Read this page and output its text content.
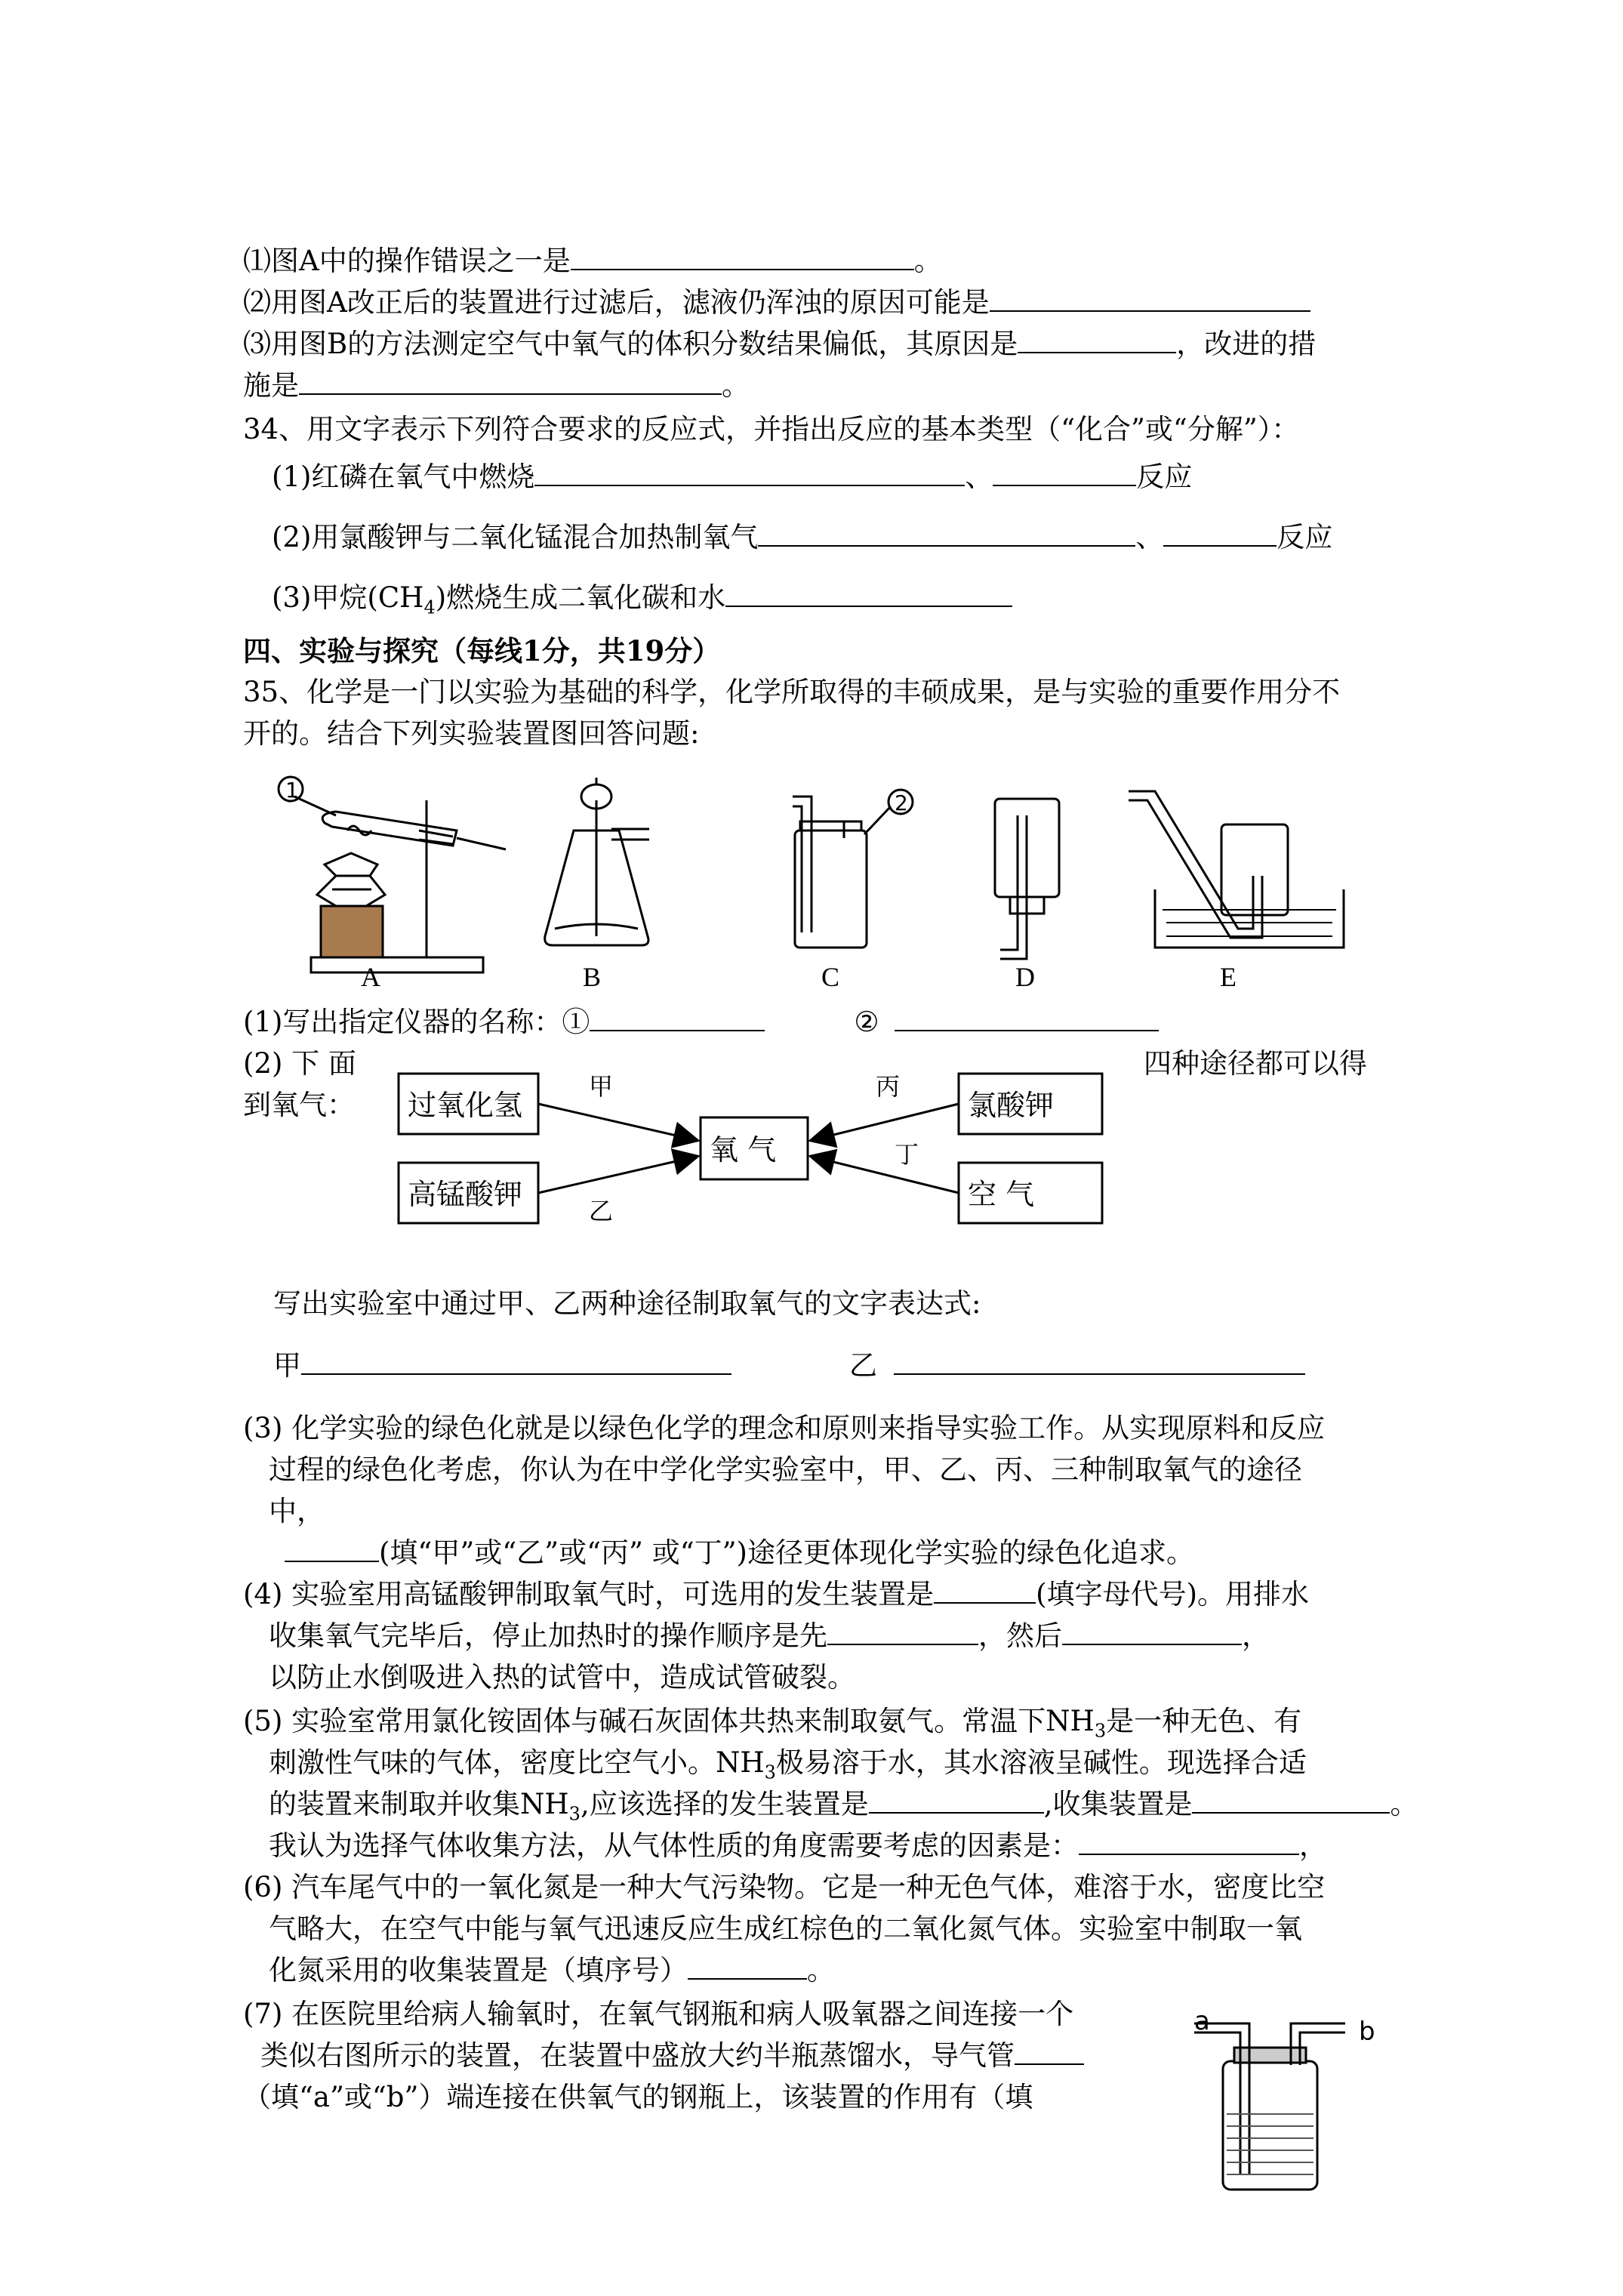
⑴图A中的操作错误之一是	。
⑵用图A改正后的装置进行过滤后，滤液仍浑浊的原因可能是
⑶用图B的方法测定空气中氧气的体积分数结果偏低，其原因是	，改进的措
施是	。
34、用文字表示下列符合要求的反应式，并指出反应的基本类型（“化合”或“分解”）：
(1)红磷在氧气中燃烧	、	反应
(2)用氯酸钾与二氧化锰混合加热制氧气	、	反应
(3)甲烷$(CH_4)$燃烧生成二氧化碳和水
四、实验与探究（每线1分，共19分）
35、化学是一门以实验为基础的科学，化学所取得的丰硕成果，是与实验的重要作用分不
开的。结合下列实验装置图回答问题:
1
2
A	B	C	D	E
(1)写出指定仪器的名称：①	②
(2) 下 面	四种途径都可以得
到氧气： 过氧化氢
高锰酸钾
氧 气
氯酸钾
空 气
甲
乙
丙
丁
写出实验室中通过甲、乙两种途径制取氧气的文字表达式:
甲	乙
(3) 化学实验的绿色化就是以绿色化学的理念和原则来指导实验工作。从实现原料和反应
过程的绿色化考虑，你认为在中学化学实验室中，甲、乙、丙、三种制取氧气的途径
中，
(填“甲”或“乙”或“丙” 或“丁”)途径更体现化学实验的绿色化追求。
(4) 实验室用高锰酸钾制取氧气时，可选用的发生装置是	(填字母代号)。用排水
收集氧气完毕后，停止加热时的操作顺序是先	，然后	，
以防止水倒吸进入热的试管中，造成试管破裂。
(5) 实验室常用氯化铵固体与碱石灰固体共热来制取氨气。常温下$NH_3$是一种无色、有
刺激性气味的气体，密度比空气小。$NH_3$极易溶于水，其水溶液呈碱性。现选择合适
的装置来制取并收集$NH_3$,应该选择的发生装置是	,收集装置是	。
我认为选择气体收集方法，从气体性质的角度需要考虑的因素是：	，
(6) 汽车尾气中的一氧化氮是一种大气污染物。它是一种无色气体，难溶于水，密度比空
气略大，在空气中能与氧气迅速反应生成红棕色的二氧化氮气体。实验室中制取一氧
化氮采用的收集装置是（填序号）	。
(7) 在医院里给病人输氧时，在氧气钢瓶和病人吸氧器之间连接一个
类似右图所示的装置，在装置中盛放大约半瓶蒸馏水，导气管
（填“a”或“b”）端连接在供氧气的钢瓶上，该装置的作用有（填
a	b
